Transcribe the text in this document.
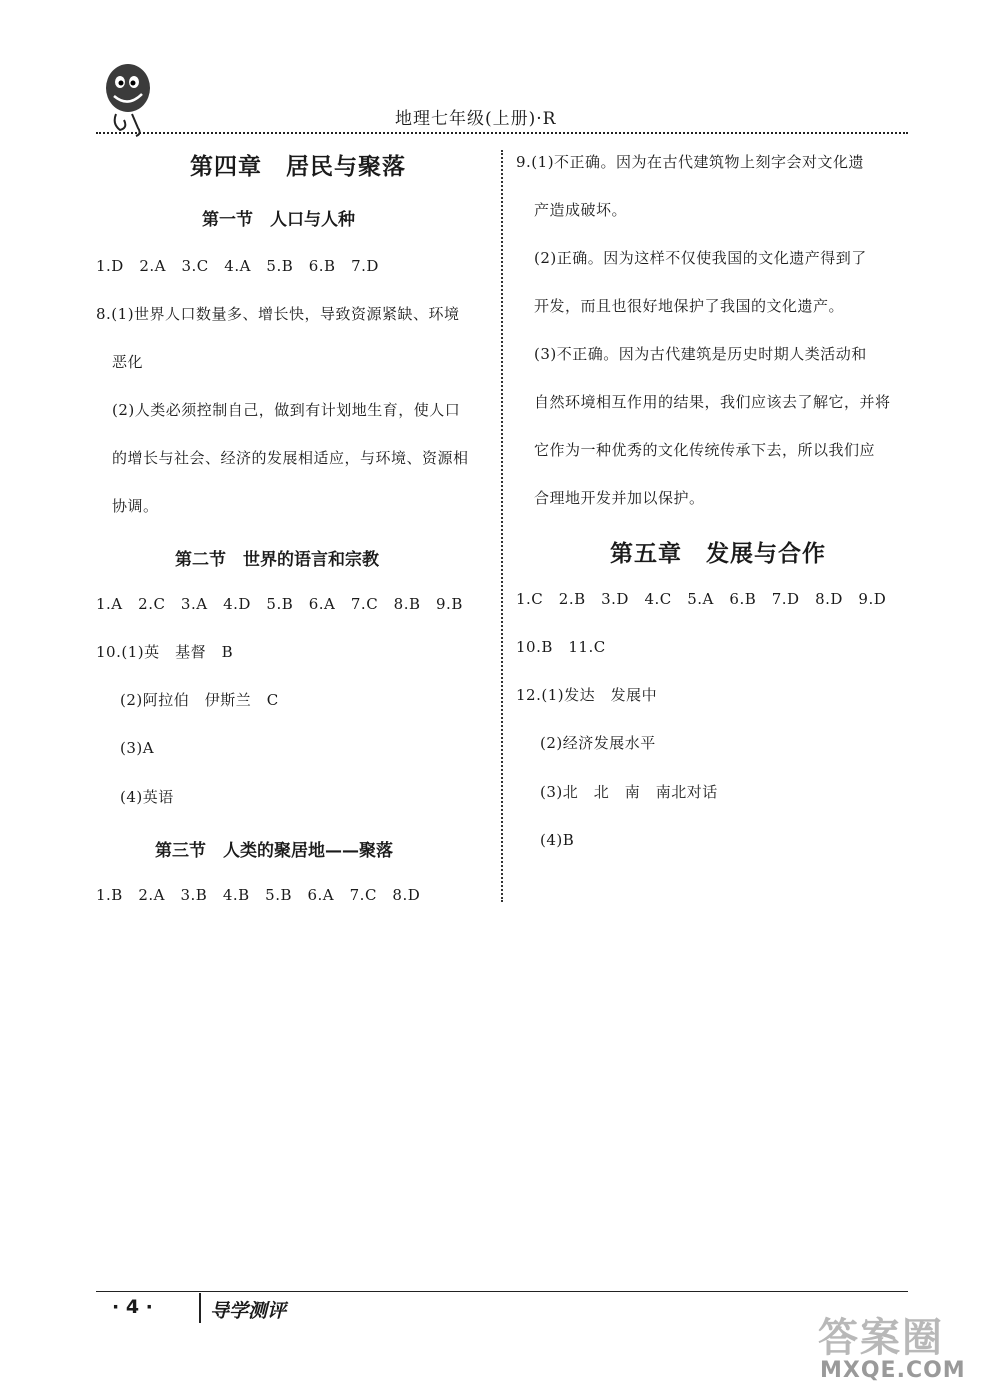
地理七年级(上册)·R
第四章　居民与聚落
第一节　人口与人种
1.D　2.A　3.C　4.A　5.B　6.B　7.D
8.(1)世界人口数量多、增长快，导致资源紧缺、环境
恶化
(2)人类必须控制自己，做到有计划地生育，使人口
的增长与社会、经济的发展相适应，与环境、资源相
协调。
第二节　世界的语言和宗教
1.A　2.C　3.A　4.D　5.B　6.A　7.C　8.B　9.B
10.(1)英　基督　B
(2)阿拉伯　伊斯兰　C
(3)A
(4)英语
第三节　人类的聚居地——聚落
1.B　2.A　3.B　4.B　5.B　6.A　7.C　8.D
9.(1)不正确。因为在古代建筑物上刻字会对文化遗
产造成破坏。
(2)正确。因为这样不仅使我国的文化遗产得到了
开发，而且也很好地保护了我国的文化遗产。
(3)不正确。因为古代建筑是历史时期人类活动和
自然环境相互作用的结果，我们应该去了解它，并将
它作为一种优秀的文化传统传承下去，所以我们应
合理地开发并加以保护。
第五章　发展与合作
1.C　2.B　3.D　4.C　5.A　6.B　7.D　8.D　9.D
10.B　11.C
12.(1)发达　发展中
(2)经济发展水平
(3)北　北　南　南北对话
(4)B
· 4 ·	导学测评
答案圈
MXQE.COM
